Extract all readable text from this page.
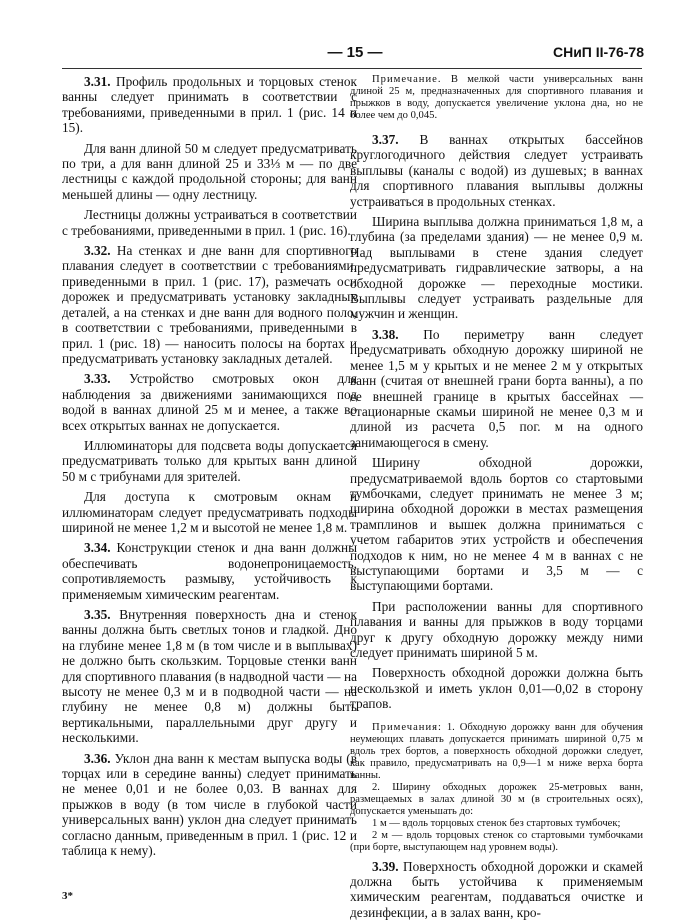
— 15 —	СНиП II-76-78

3.31. Профиль продольных и торцовых стенок ванны следует принимать в соответствии с требованиями, приведенными в прил. 1 (рис. 14 и 15).

Для ванн длиной 50 м следует предусматривать по три, а для ванн длиной 25 и 33⅓ м — по две лестницы с каждой продольной стороны; для ванн меньшей длины — одну лестницу.

Лестницы должны устраиваться в соответствии с требованиями, приведенными в прил. 1 (рис. 16).

3.32. На стенках и дне ванн для спортивного плавания следует в соответствии с требованиями, приведенными в прил. 1 (рис. 17), размечать оси дорожек и предусматривать установку закладных деталей, а на стенках и дне ванн для водного поло, в соответствии с требованиями, приведенными в прил. 1 (рис. 18) — наносить полосы на бортах и предусматривать установку закладных деталей.

3.33. Устройство смотровых окон для наблюдения за движениями занимающихся под водой в ваннах длиной 25 м и менее, а также во всех открытых ваннах не допускается.

Иллюминаторы для подсвета воды допускается предусматривать только для крытых ванн длиной 50 м с трибунами для зрителей.

Для доступа к смотровым окнам и иллюминаторам следует предусматривать подходы шириной не менее 1,2 м и высотой не менее 1,8 м.

3.34. Конструкции стенок и дна ванн должны обеспечивать водонепроницаемость, сопротивляемость размыву, устойчивость к применяемым химическим реагентам.

3.35. Внутренняя поверхность дна и стенок ванны должна быть светлых тонов и гладкой. Дно на глубине менее 1,8 м (в том числе и в выплывах) не должно быть скользким. Торцовые стенки ванн для спортивного плавания (в надводной части — на высоту не менее 0,3 м и в подводной части — на глубину не менее 0,8 м) должны быть вертикальными, параллельными друг другу и несколькими.

3.36. Уклон дна ванн к местам выпуска воды (в торцах или в середине ванны) следует принимать не менее 0,01 и не более 0,03. В ваннах для прыжков в воду (в том числе в глубокой части универсальных ванн) уклон дна следует принимать согласно данным, приведенным в прил. 1 (рис. 12 и таблица к нему).

Примечание. В мелкой части универсальных ванн длиной 25 м, предназначенных для спортивного плавания и прыжков в воду, допускается увеличение уклона дна, но не более чем до 0,045.

3.37. В ваннах открытых бассейнов круглогодичного действия следует устраивать выплывы (каналы с водой) из душевых; в ваннах для спортивного плавания выплывы должны устраиваться в продольных стенках.

Ширина выплыва должна приниматься 1,8 м, а глубина (за пределами здания) — не менее 0,9 м. Над выплывами в стене здания следует предусматривать гидравлические затворы, а на обходной дорожке — переходные мостики. Выплывы следует устраивать раздельные для мужчин и женщин.

3.38. По периметру ванн следует предусматривать обходную дорожку шириной не менее 1,5 м у крытых и не менее 2 м у открытых ванн (считая от внешней грани борта ванны), а по ее внешней границе в крытых бассейнах — стационарные скамьи шириной не менее 0,3 м и длиной из расчета 0,5 пог. м на одного занимающегося в смену.

Ширину обходной дорожки, предусматриваемой вдоль бортов со стартовыми тумбочками, следует принимать не менее 3 м; ширина обходной дорожки в местах размещения трамплинов и вышек должна приниматься с учетом габаритов этих устройств и обеспечения подходов к ним, но не менее 4 м в ваннах с не выступающими бортами и 3,5 м — с выступающими бортами.

При расположении ванны для спортивного плавания и ванны для прыжков в воду торцами друг к другу обходную дорожку между ними следует принимать шириной 5 м.

Поверхность обходной дорожки должна быть нескользкой и иметь уклон 0,01—0,02 в сторону трапов.

Примечания: 1. Обходную дорожку ванн для обучения неумеющих плавать допускается принимать шириной 0,75 м вдоль трех бортов, а поверхность обходной дорожки следует, как правило, предусматривать на 0,9—1 м ниже верха борта ванны.

2. Ширину обходных дорожек 25-метровых ванн, размещаемых в залах длиной 30 м (в строительных осях), допускается уменьшать до:

1 м — вдоль торцовых стенок без стартовых тумбочек;

2 м — вдоль торцовых стенок со стартовыми тумбочками (при борте, выступающем над уровнем воды).

3.39. Поверхность обходной дорожки и скамей должна быть устойчива к применяемым химическим реагентам, поддаваться очистке и дезинфекции, а в залах ванн, кро-

3*
